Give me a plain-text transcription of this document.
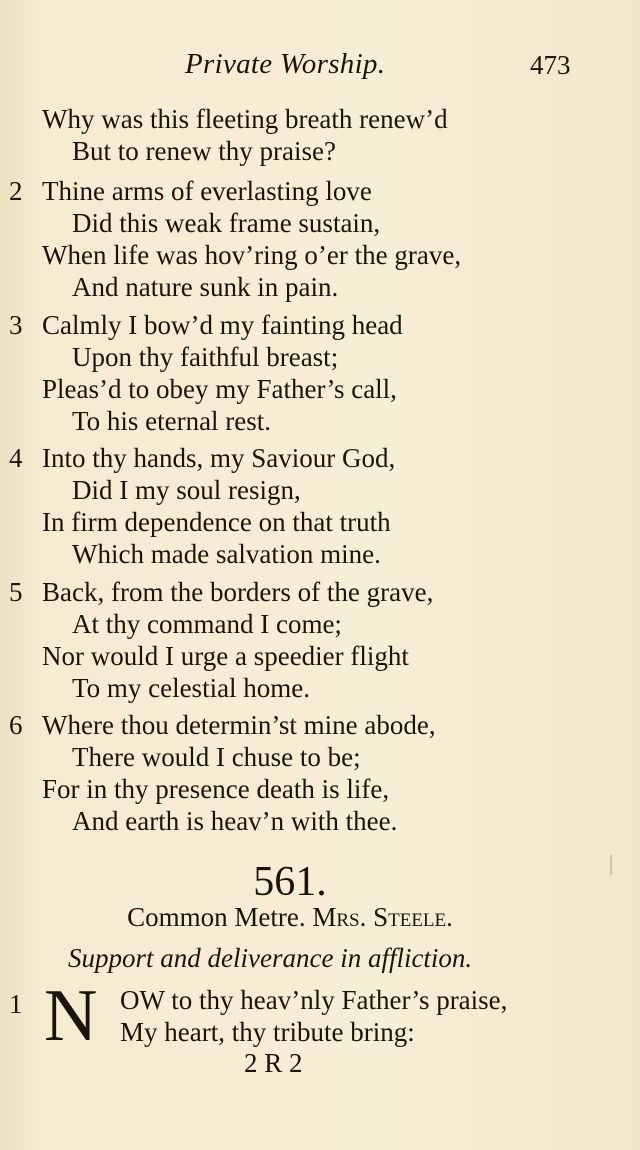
Private Worship.	473
Why was this fleeting breath renew’d
But to renew thy praise?
2 Thine arms of everlasting love
Did this weak frame sustain,
When life was hov’ring o’er the grave,
And nature sunk in pain.
3 Calmly I bow’d my fainting head
Upon thy faithful breast;
Pleas’d to obey my Father’s call,
To his eternal rest.
4 Into thy hands, my Saviour God,
Did I my soul resign,
In firm dependence on that truth
Which made salvation mine.
5 Back, from the borders of the grave,
At thy command I come;
Nor would I urge a speedier flight
To my celestial home.
6 Where thou determin’st mine abode,
There would I chuse to be;
For in thy presence death is life,
And earth is heav’n with thee.
561.
Common Metre. Mrs. Steele.
Support and deliverance in affliction.
1 N OW to thy heav’nly Father’s praise,
My heart, thy tribute bring:
2 R 2
